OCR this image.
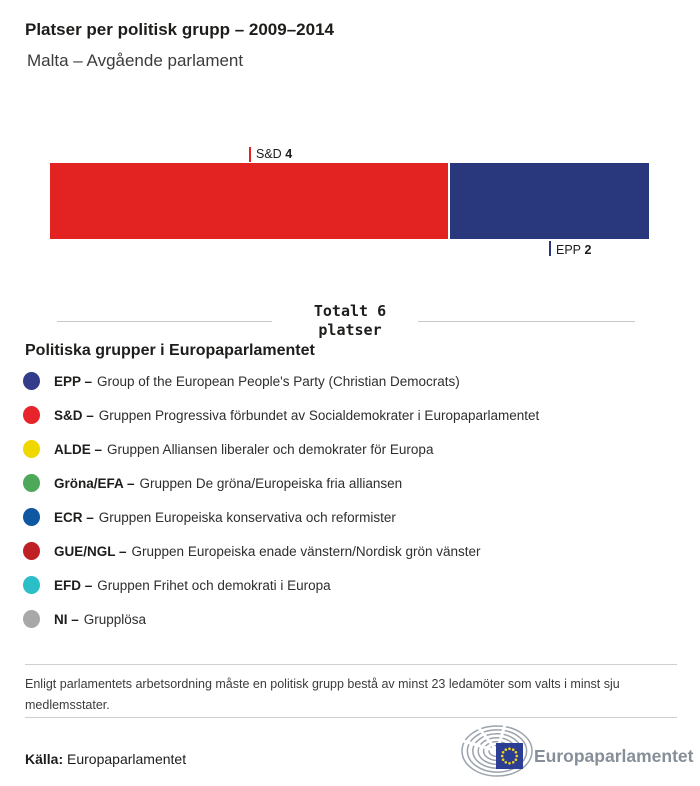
Platser per politisk grupp – 2009–2014
Malta – Avgående parlament
S&D 4
EPP 2
Totalt 6
platser
Politiska grupper i Europaparlamentet
EPP – Group of the European People's Party (Christian Democrats)
S&D – Gruppen Progressiva förbundet av Socialdemokrater i Europaparlamentet
ALDE – Gruppen Alliansen liberaler och demokrater för Europa
Gröna/EFA – Gruppen De gröna/Europeiska fria alliansen
ECR – Gruppen Europeiska konservativa och reformister
GUE/NGL – Gruppen Europeiska enade vänstern/Nordisk grön vänster
EFD – Gruppen Frihet och demokrati i Europa
NI – Grupplösa
Enligt parlamentets arbetsordning måste en politisk grupp bestå av minst 23 ledamöter som valts i minst sju
medlemsstater.
Källa: Europaparlamentet	Europaparlamentet
